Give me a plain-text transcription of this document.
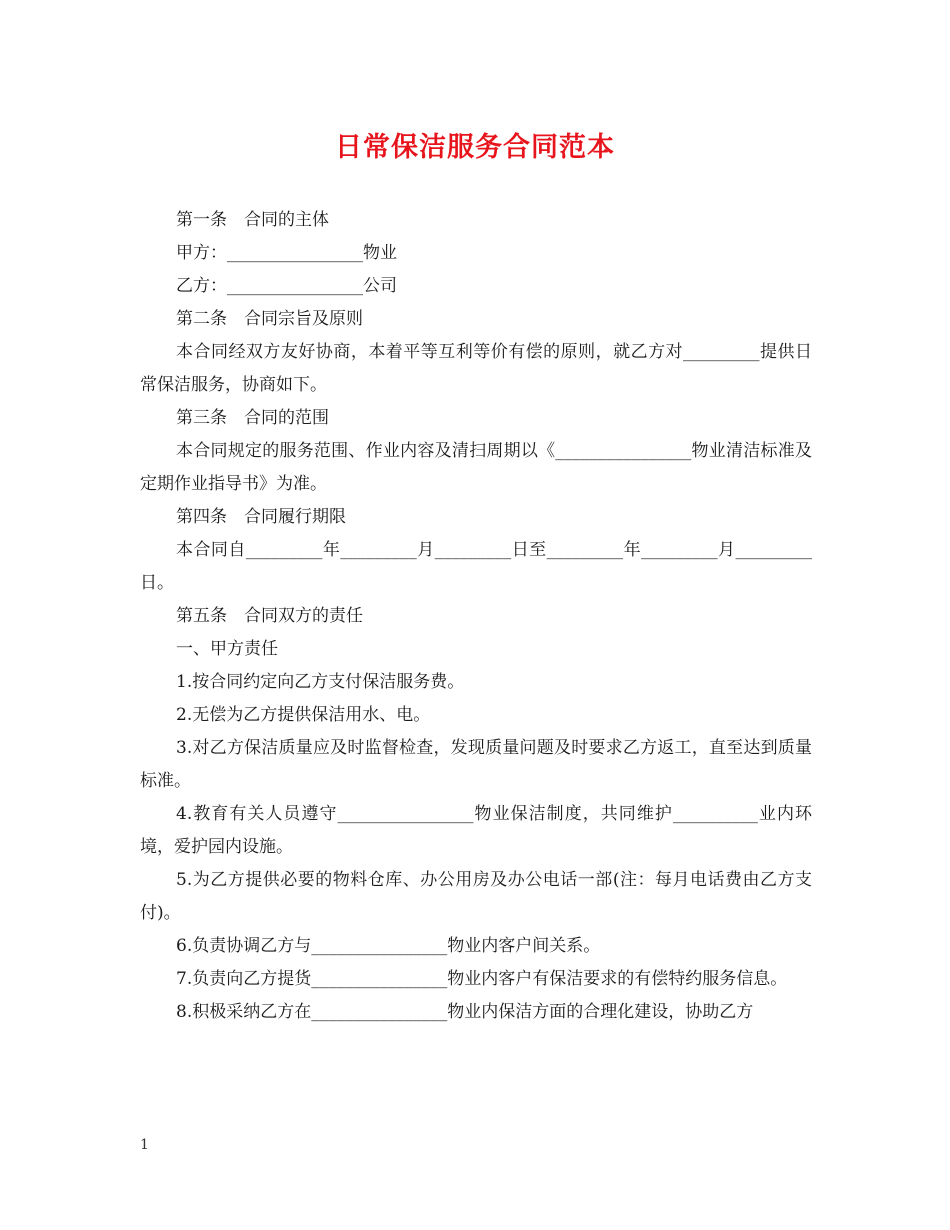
日常保洁服务合同范本

第一条　合同的主体

甲方：________________物业

乙方：________________公司

第二条　合同宗旨及原则

本合同经双方友好协商，本着平等互利等价有偿的原则，就乙方对_________提供日常保洁服务，协商如下。

第三条　合同的范围

本合同规定的服务范围、作业内容及清扫周期以《________________物业清洁标准及定期作业指导书》为准。

第四条　合同履行期限

本合同自_________年_________月_________日至_________年_________月_________日。

第五条　合同双方的责任

一、甲方责任

1.按合同约定向乙方支付保洁服务费。

2.无偿为乙方提供保洁用水、电。

3.对乙方保洁质量应及时监督检查，发现质量问题及时要求乙方返工，直至达到质量标准。

4.教育有关人员遵守________________物业保洁制度，共同维护__________业内环境，爱护园内设施。

5.为乙方提供必要的物料仓库、办公用房及办公电话一部(注：每月电话费由乙方支付)。

6.负责协调乙方与________________物业内客户间关系。

7.负责向乙方提货________________物业内客户有保洁要求的有偿特约服务信息。

8.积极采纳乙方在________________物业内保洁方面的合理化建设，协助乙方

1
